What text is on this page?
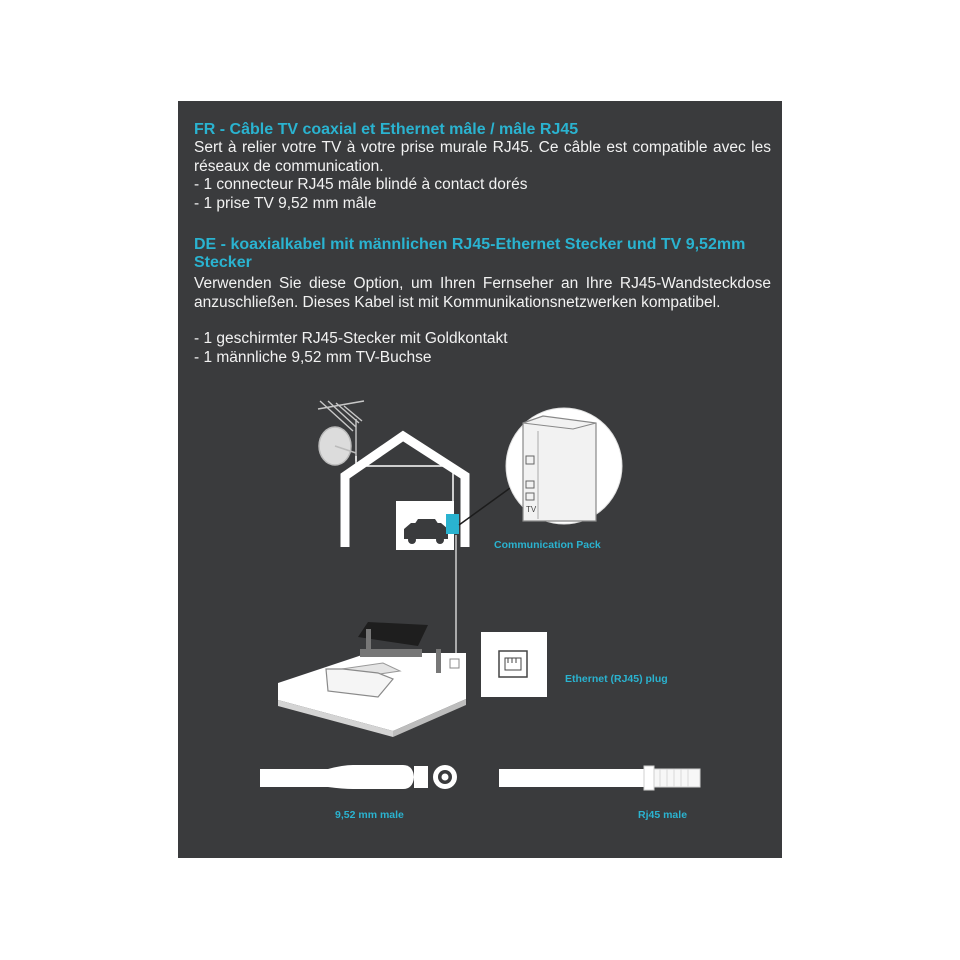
FR - Câble TV coaxial et Ethernet mâle / mâle RJ45
Sert à relier votre TV à votre prise murale RJ45. Ce câble est compatible avec les réseaux de communication.
- 1 connecteur RJ45 mâle blindé à contact dorés
- 1 prise TV 9,52 mm mâle
DE - koaxialkabel mit männlichen RJ45-Ethernet Stecker und TV 9,52mm Stecker
Verwenden Sie diese Option, um Ihren Fernseher an Ihre RJ45-Wandsteckdose anzuschließen. Dieses Kabel ist mit Kommunikationsnetzwerken kompatibel.
- 1 geschirmter RJ45-Stecker mit Goldkontakt
- 1 männliche 9,52 mm TV-Buchse
TV
Communication Pack
Ethernet (RJ45) plug
9,52 mm male	Rj45 male
